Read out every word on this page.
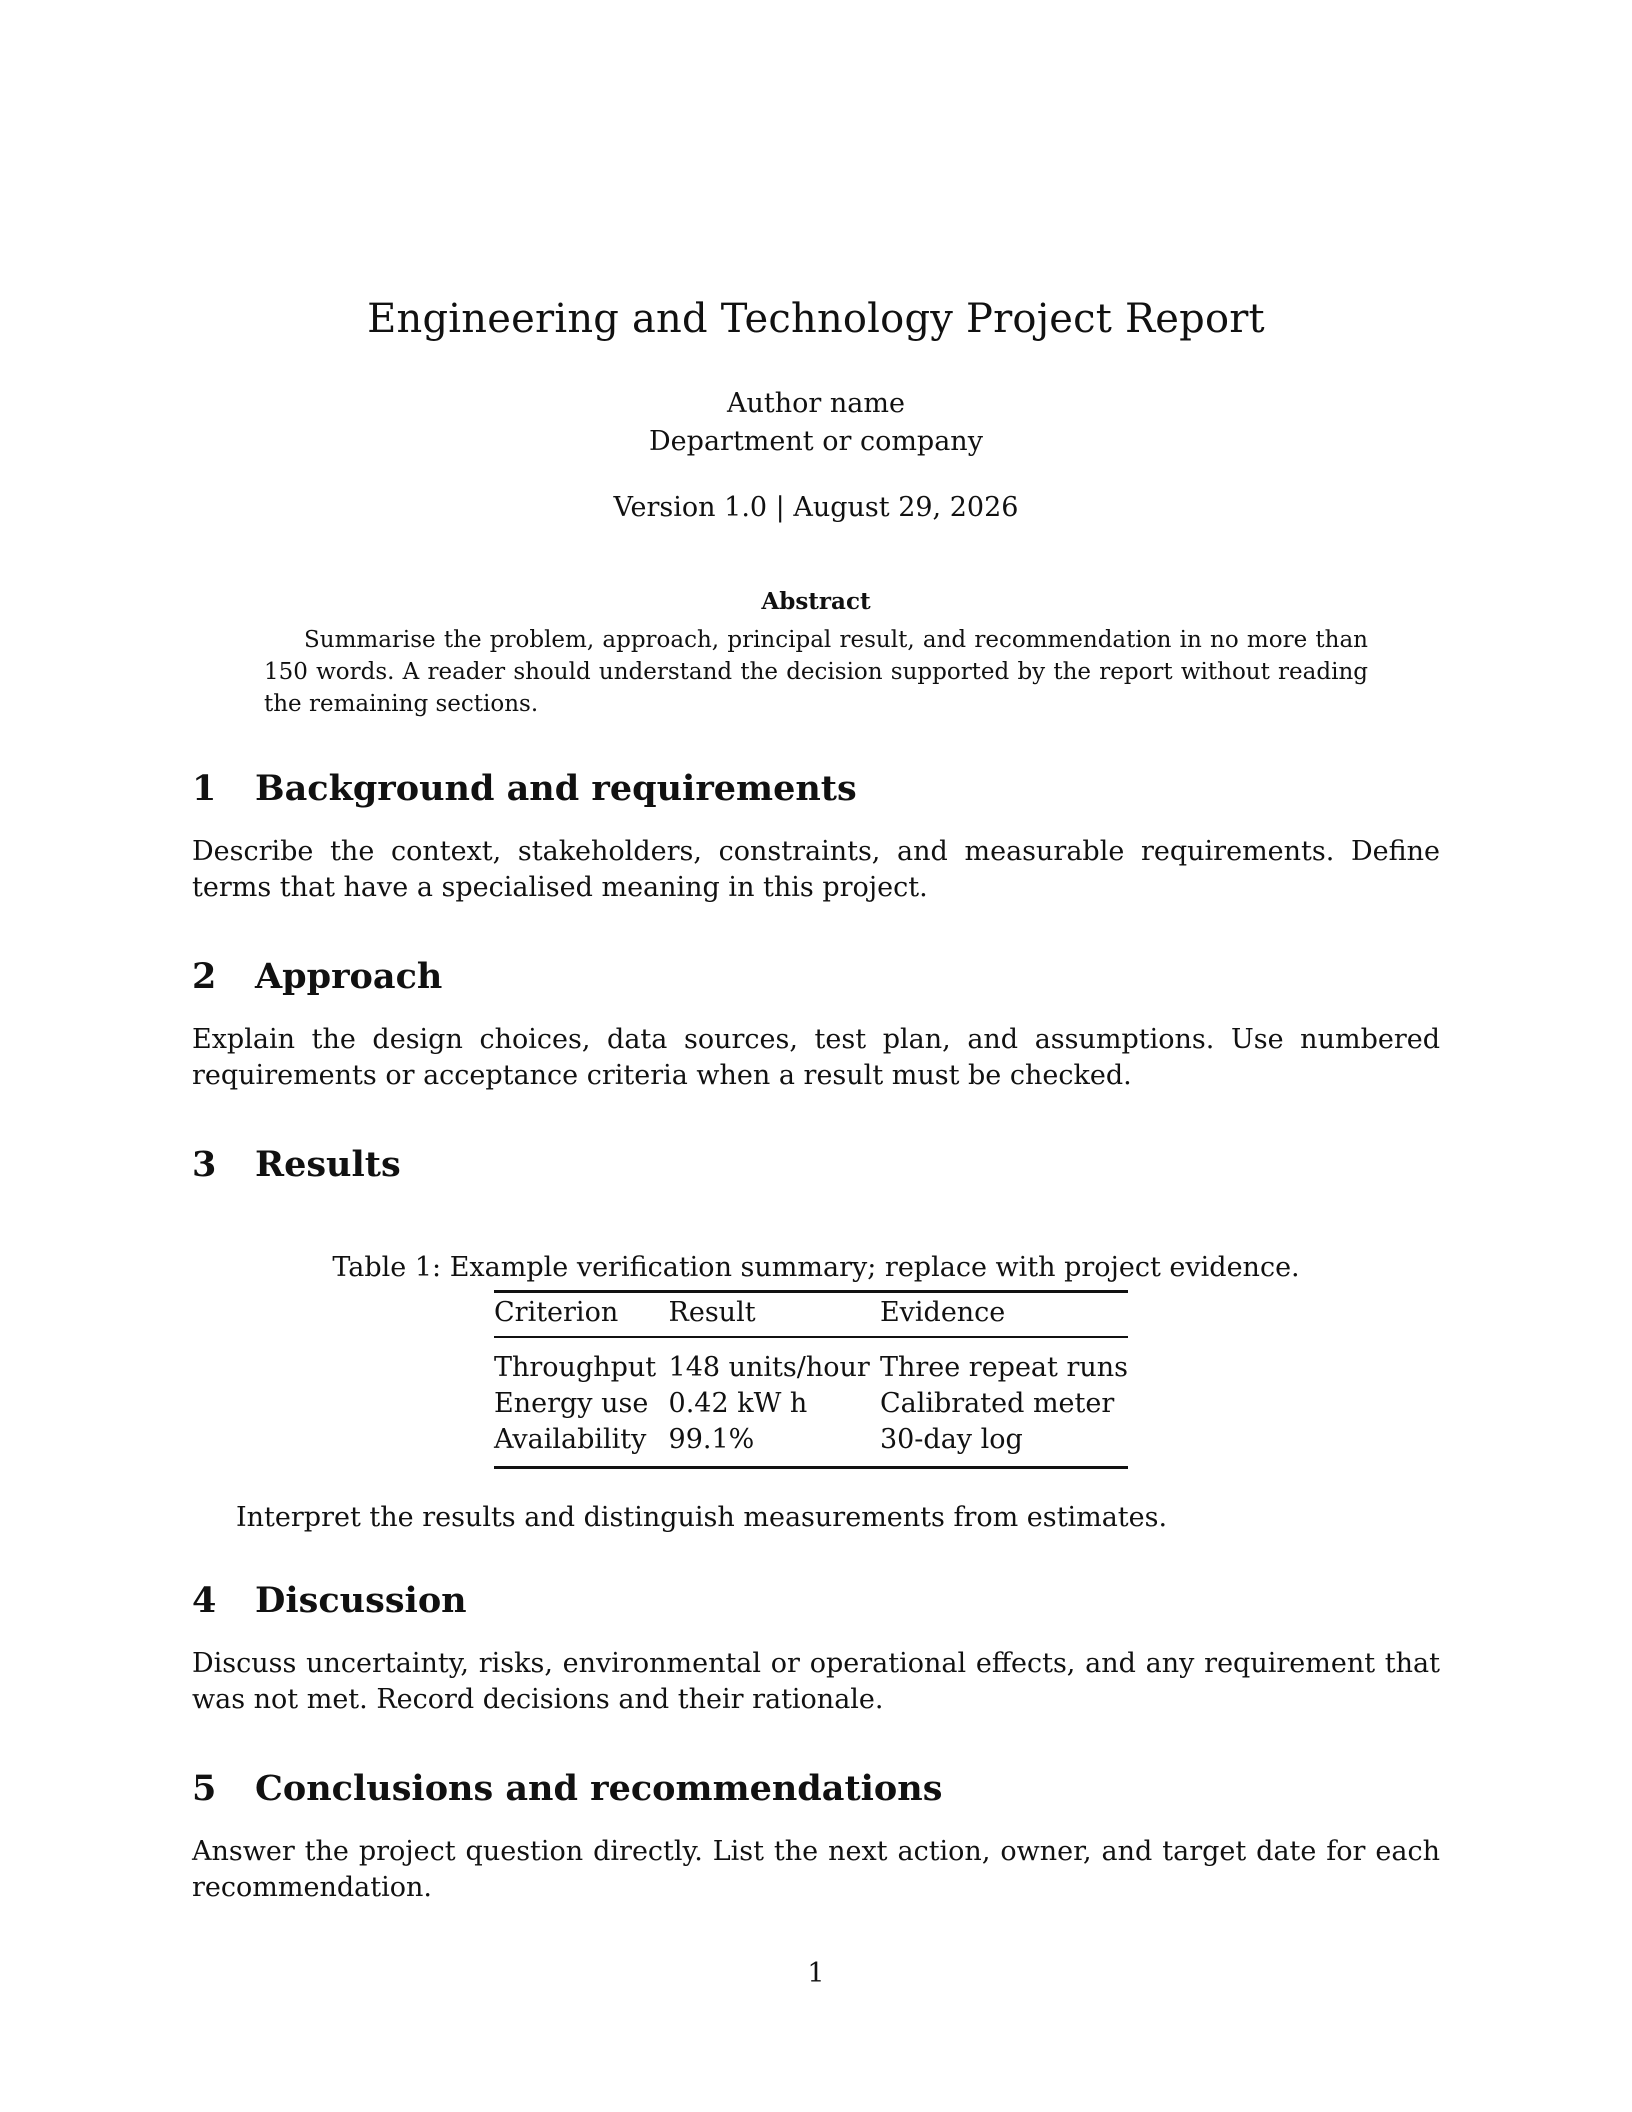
Engineering and Technology Project Report
Author name
Department or company
Version 1.0 | August 29, 2026
Abstract
Summarise the problem, approach, principal result, and recommendation in no more than 150 words. A reader should understand the decision supported by the report without reading the remaining sections.
1 Background and requirements
Describe the context, stakeholders, constraints, and measurable requirements. Define terms that have a specialised meaning in this project.
2 Approach
Explain the design choices, data sources, test plan, and assumptions. Use numbered requirements or acceptance criteria when a result must be checked.
3 Results
Table 1: Example verification summary; replace with project evidence.
Criterion	Result	Evidence
Throughput	148 units/hour	Three repeat runs
Energy use	0.42 kW h	Calibrated meter
Availability	99.1%	30-day log
Interpret the results and distinguish measurements from estimates.
4 Discussion
Discuss uncertainty, risks, environmental or operational effects, and any requirement that was not met. Record decisions and their rationale.
5 Conclusions and recommendations
Answer the project question directly. List the next action, owner, and target date for each recommendation.
1
